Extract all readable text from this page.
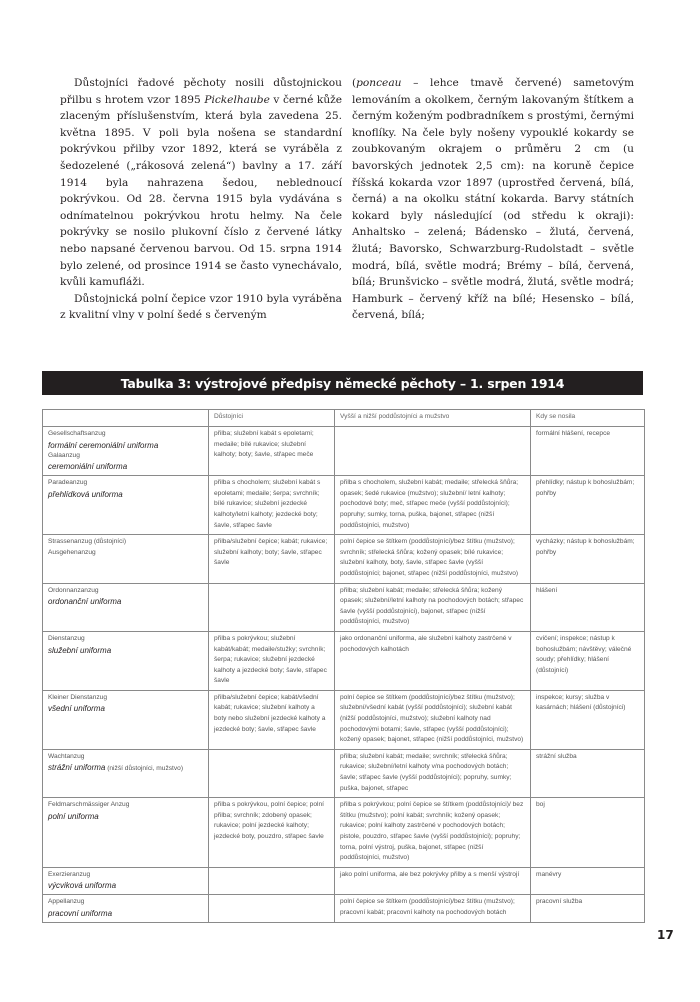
Důstojníci řadové pěchoty nosili důstojnickou přilbu s hrotem vzor 1895 Pickelhaube v černé kůže zlaceným příslušenstvím, která byla zavedena 25. května 1895. V poli byla nošena se standardní pokrývkou přilby vzor 1892, která se vyráběla z šedozelené („rákosová zelená“) bavlny a 17. září 1914 byla nahrazena šedou, neblednoucí pokrývkou. Od 28. června 1915 byla vydávána s odnímatelnou pokrývkou hrotu helmy. Na čele pokrývky se nosilo plukovní číslo z červené látky nebo napsané červenou barvou. Od 15. srpna 1914 bylo zelené, od prosince 1914 se často vynechávalo, kvůli kamufláži.

Důstojnická polní čepice vzor 1910 byla vyráběna z kvalitní vlny v polní šedé s červeným

(ponceau – lehce tmavě červené) sametovým lemováním a okolkem, černým lakovaným štítkem a černým koženým podbradníkem s prostými, černými knoflíky. Na čele byly nošeny vypouklé kokardy se zoubkovaným okrajem o průměru 2 cm (u bavorských jednotek 2,5 cm): na koruně čepice říšská kokarda vzor 1897 (uprostřed červená, bílá, černá) a na okolku státní kokarda. Barvy státních kokard byly následující (od středu k okraji): Anhaltsko – zelená; Bádensko – žlutá, červená, žlutá; Bavorsko, Schwarzburg-Rudolstadt – světle modrá, bílá, světle modrá; Brémy – bílá, červená, bílá; Brunšvicko – světle modrá, žlutá, světle modrá; Hamburk – červený kříž na bílé; Hesensko – bílá, červená, bílá;

Tabulka 3: výstrojové předpisy německé pěchoty – 1. srpen 1914
	Důstojníci	Vyšší a nižší poddůstojníci a mužstvo	Kdy se nosila

Gesellschaftsanzug
formální ceremoniální uniforma
Galaanzug
ceremoniální uniforma	přilba; služební kabát s epoletami; medaile; bílé rukavice; služební kalhoty; boty; šavle, střapec meče		formální hlášení, recepce

Paradeanzug
přehlídková uniforma	přilba s chocholem; služební kabát s epoletami; medaile; šerpa; svrchník; bílé rukavice; služební jezdecké kalhoty/letní kalhoty; jezdecké boty; šavle, střapec šavle	přilba s chocholem, služební kabát; medaile; střelecká šňůra; opasek; šedé rukavice (mužstvo); služební/ letní kalhoty; pochodové boty; meč, střapec meče (vyšší poddůstojníci); popruhy; sumky, torna, puška, bajonet, střapec (nižší poddůstojníci, mužstvo)	přehlídky; nástup k bohoslužbám; pohřby

Strassenanzug (důstojníci)
Ausgehenanzug	přilba/služební čepice; kabát; rukavice; služební kalhoty; boty; šavle, střapec šavle	polní čepice se štítkem (poddůstojníci)/bez štítku (mužstvo); svrchník; střelecká šňůra; kožený opasek; bílé rukavice; služební kalhoty, boty, šavle, střapec šavle (vyšší poddůstojníci; bajonet, střapec (nižší poddůstojníci, mužstvo)	vycházky; nástup k bohoslužbám; pohřby

Ordonnanzanzug
ordonanční uniforma		přilba; služební kabát; medaile; střelecká šňůra; kožený opasek; služební/letní kalhoty na pochodových botách; střapec šavle (vyšší poddůstojníci), bajonet, střapec (nižší poddůstojníci, mužstvo)	hlášení

Dienstanzug
služební uniforma	přilba s pokrývkou; služební kabát/kabát; medaile/stužky; svrchník; šerpa; rukavice; služební jezdecké kalhoty a jezdecké boty; šavle, střapec šavle	jako ordonanční uniforma, ale služební kalhoty zastrčené v pochodových kalhotách	cvičení; inspekce; nástup k bohoslužbám; návštěvy; válečné soudy; přehlídky; hlášení (důstojníci)

Kleiner Dienstanzug
všední uniforma	přilba/služební čepice; kabát/všední kabát; rukavice; služební kalhoty a boty nebo služební jezdecké kalhoty a jezdecké boty; šavle, střapec šavle	polní čepice se štítkem (poddůstojníci)/bez štítku (mužstvo); služební/všední kabát (vyšší poddůstojníci); služební kabát (nižší poddůstojníci, mužstvo); služební kalhoty nad pochodovými botami; šavle, střapec (vyšší poddůstojníci); kožený opasek; bajonet, střapec (nižší poddůstojníci, mužstvo)	inspekce; kursy; služba v kasárnách; hlášení (důstojníci)

Wachtanzug
strážní uniforma (nižší důstojníci, mužstvo)		přilba; služební kabát; medaile; svrchník; střelecká šňůra; rukavice; služební/letní kalhoty v/na pochodových botách; šavle; střapec šavle (vyšší poddůstojníci); popruhy, sumky; puška, bajonet, střapec	strážní služba

Feldmarschmässiger Anzug
polní uniforma	přilba s pokrývkou, polní čepice; polní přilba; svrchník; zdobený opasek; rukavice; polní jezdecké kalhoty; jezdecké boty, pouzdro, střapec šavle	přilba s pokrývkou; polní čepice se štítkem (poddůstojníci)/ bez štítku (mužstvo); polní kabát; svrchník; kožený opasek; rukavice; polní kalhoty zastrčené v pochodových botách; pistole, pouzdro, střapec šavle (vyšší poddůstojníci); popruhy; torna, polní výstroj, puška, bajonet, střapec (nižší poddůstojníci, mužstvo)	boj

Exerzieranzug
výcviková uniforma		jako polní uniforma, ale bez pokrývky přilby a s menší výstrojí	manévry

Appellanzug
pracovní uniforma		polní čepice se štítkem (poddůstojníci)/bez štítku (mužstvo); pracovní kabát; pracovní kalhoty na pochodových botách	pracovní služba
17
